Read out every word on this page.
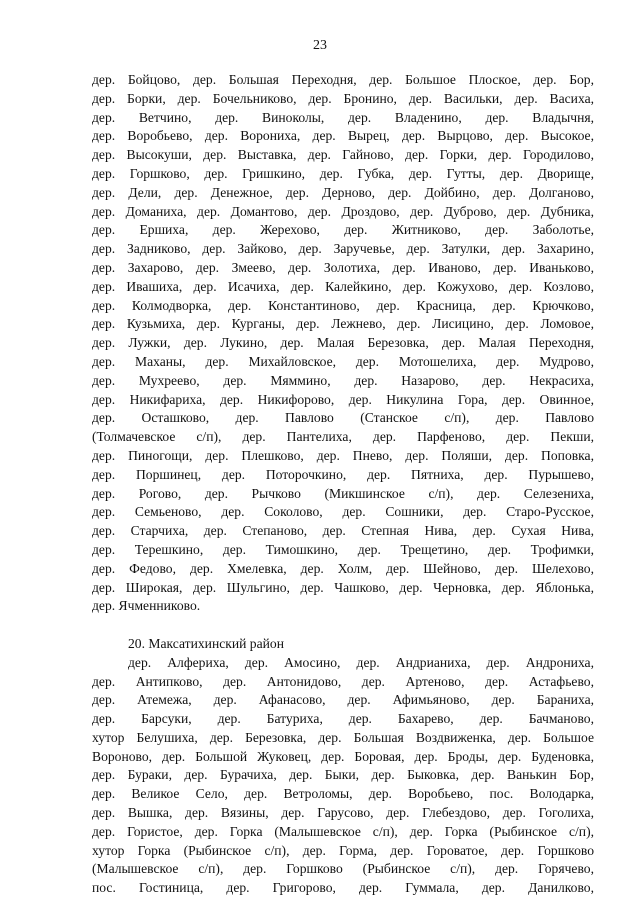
23
дер. Бойцово, дер. Большая Переходня, дер. Большое Плоское, дер. Бор,
дер. Борки, дер. Бочельниково, дер. Бронино, дер. Васильки, дер. Васиха,
дер. Ветчино, дер. Виноколы, дер. Владенино, дер. Владычня,
дер. Воробьево, дер. Ворониха, дер. Вырец, дер. Вырцово, дер. Высокое,
дер. Высокуши, дер. Выставка, дер. Гайново, дер. Горки, дер. Городилово,
дер. Горшково, дер. Гришкино, дер. Губка, дер. Гутты, дер. Дворище,
дер. Дели, дер. Денежное, дер. Дерново, дер. Дойбино, дер. Долганово,
дер. Доманиха, дер. Домантово, дер. Дроздово, дер. Дуброво, дер. Дубника,
дер. Ершиха, дер. Жерехово, дер. Житниково, дер. Заболотье,
дер. Задниково, дер. Зайково, дер. Заручевье, дер. Затулки, дер. Захарино,
дер. Захарово, дер. Змеево, дер. Золотиха, дер. Иваново, дер. Иваньково,
дер. Ивашиха, дер. Исачиха, дер. Калейкино, дер. Кожухово, дер. Козлово,
дер. Колмодворка, дер. Константиново, дер. Красница, дер. Крючково,
дер. Кузьмиха, дер. Курганы, дер. Лежнево, дер. Лисицино, дер. Ломовое,
дер. Лужки, дер. Лукино, дер. Малая Березовка, дер. Малая Переходня,
дер. Маханы, дер. Михайловское, дер. Мотошелиха, дер. Мудрово,
дер. Мухреево, дер. Мяммино, дер. Назарово, дер. Некрасиха,
дер. Никифариха, дер. Никифорово, дер. Никулина Гора, дер. Овинное,
дер. Осташково, дер. Павлово (Станское с/п), дер. Павлово
(Толмачевское с/п), дер. Пантелиха, дер. Парфеново, дер. Пекши,
дер. Пиногощи, дер. Плешково, дер. Пнево, дер. Поляши, дер. Поповка,
дер. Поршинец, дер. Поторочкино, дер. Пятниха, дер. Пурышево,
дер. Рогово, дер. Рычково (Микшинское с/п), дер. Селезениха,
дер. Семьеново, дер. Соколово, дер. Сошники, дер. Старо-Русское,
дер. Старчиха, дер. Степаново, дер. Степная Нива, дер. Сухая Нива,
дер. Терешкино, дер. Тимошкино, дер. Трещетино, дер. Трофимки,
дер. Федово, дер. Хмелевка, дер. Холм, дер. Шейново, дер. Шелехово,
дер. Широкая, дер. Шульгино, дер. Чашково, дер. Черновка, дер. Яблонька,
дер. Ячменниково.
20. Максатихинский район
дер. Алфериха, дер. Амосино, дер. Андрианиха, дер. Андрониха,
дер. Антипково, дер. Антонидово, дер. Артеново, дер. Астафьево,
дер. Атемежа, дер. Афанасово, дер. Афимьяново, дер. Бараниха,
дер. Барсуки, дер. Батуриха, дер. Бахарево, дер. Бачманово,
хутор Белушиха, дер. Березовка, дер. Большая Воздвиженка, дер. Большое
Вороново, дер. Большой Жуковец, дер. Боровая, дер. Броды, дер. Буденовка,
дер. Бураки, дер. Бурачиха, дер. Быки, дер. Быковка, дер. Ванькин Бор,
дер. Великое Село, дер. Ветроломы, дер. Воробьево, пос. Володарка,
дер. Вышка, дер. Вязины, дер. Гарусово, дер. Глебездово, дер. Гоголиха,
дер. Гористое, дер. Горка (Малышевское с/п), дер. Горка (Рыбинское с/п),
хутор Горка (Рыбинское с/п), дер. Горма, дер. Гороватое, дер. Горшково
(Малышевское с/п), дер. Горшково (Рыбинское с/п), дер. Горячево,
пос. Гостиница, дер. Григорово, дер. Гуммала, дер. Данилково,
